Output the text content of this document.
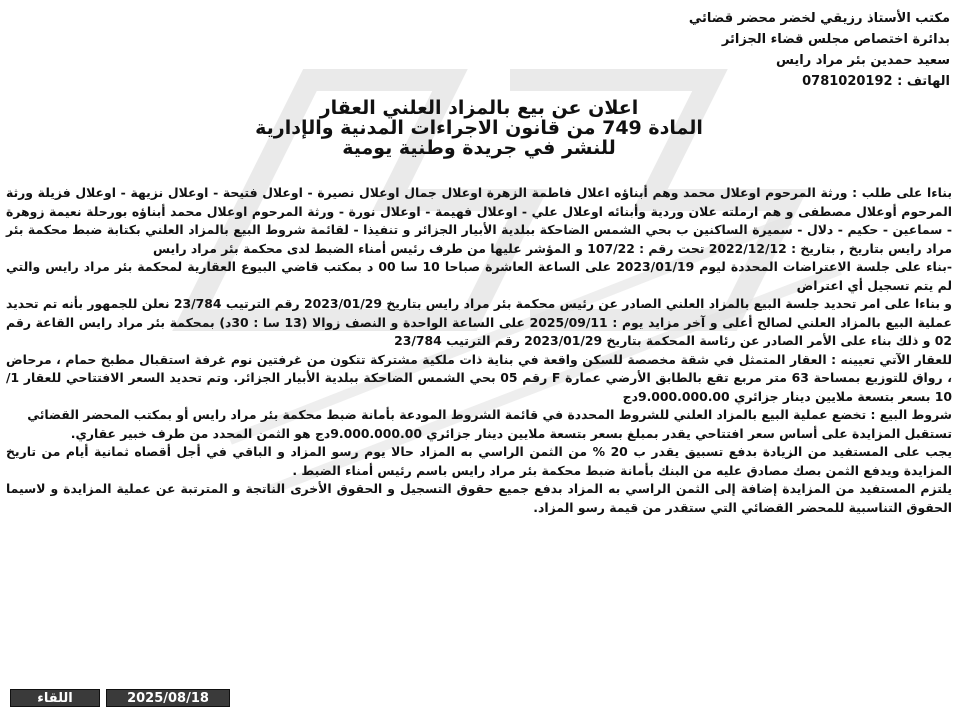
مكتب الأستاذ رزيقي لخضر محضر قضائي
بدائرة اختصاص مجلس قضاء الجزائر
سعيد حمدين بئر مراد رايس
الهاتف : 0781020192
اعلان عن بيع بالمزاد العلني العقار
المادة 749 من قانون الاجراءات المدنية والإدارية
للنشر في جريدة وطنية يومية

بناءا على طلب : ورثة المرحوم اوعلال محمد وهم أبناؤه اعلال فاطمة الزهرة اوعلال جمال اوعلال نصيرة - اوعلال فتيحة - اوعلال نزيهة - اوعلال فزيلة ورثة المرحوم أوعلال مصطفى و هم ارملته علان وردية وأبنائه اوعلال علي - اوعلال فهيمة - اوعلال نورة - ورثة المرحوم اوعلال محمد أبناؤه بورحلة نعيمة زوهرة - سماعين - حكيم - دلال - سميرة الساكنين ب بحي الشمس الضاحكة ببلدية الأبيار الجزائر و تنفيذا - لقائمة شروط البيع بالمزاد العلني بكتابة ضبط محكمة بئر مراد رايس بتاريخ , بتاريخ : 2022/12/12 تحت رقم : 107/22 و المؤشر عليها من طرف رئيس أمناء الضبط لدى محكمة بئر مراد رايس

-بناء على جلسة الاعتراضات المحددة ليوم 2023/01/19 على الساعة العاشرة صباحا 10 سا 00 د بمكتب قاضي البيوع العقارية لمحكمة بئر مراد رايس والتي لم يتم تسجيل أي اعتراض

و بناءا على امر تحديد جلسة البيع بالمزاد العلني الصادر عن رئيس محكمة بئر مراد رايس بتاريخ 2023/01/29 رقم الترتيب 23/784 نعلن للجمهور بأنه تم تحديد عملية البيع بالمزاد العلني لصالح أعلى و آخر مزايد يوم : 2025/09/11 على الساعة الواحدة و النصف زوالا (13 سا : 30د) بمحكمة بئر مراد رايس القاعة رقم 02 و ذلك بناء على الأمر الصادر عن رئاسة المحكمة بتاريخ 2023/01/29 رقم الترتيب 23/784

للعقار الآتي تعيينه : العقار المتمثل في شقة مخصصة للسكن واقعة في بناية ذات ملكية مشتركة تتكون من غرفتين نوم غرفة استقبال مطبخ حمام ، مرحاض ، رواق للتوزيع بمساحة 63 متر مربع تقع بالطابق الأرضي عمارة F رقم 05 بحي الشمس الضاحكة ببلدية الأبيار الجزائر. وتم تحديد السعر الافتتاحي للعقار 1/ 10 بسعر بتسعة ملايين دينار جزائري 9.000.000.00دج

شروط البيع : تخضع عملية البيع بالمزاد العلني للشروط المحددة في قائمة الشروط المودعة بأمانة ضبط محكمة بئر مراد رايس أو بمكتب المحضر القضائي

تستقبل المزايدة على أساس سعر افتتاحي يقدر بمبلغ بسعر بتسعة ملايين دينار جزائري 9.000.000.00دج هو الثمن المحدد من طرف خبير عقاري.

يجب على المستفيد من الزيادة بدفع تسبيق يقدر ب 20 % من الثمن الراسي به المزاد حالا يوم رسو المزاد و الباقي في أجل أقصاه ثمانية أيام من تاريخ المزايدة ويدفع الثمن بصك مصادق عليه من البنك بأمانة ضبط محكمة بئر مراد رايس باسم رئيس أمناء الضبط .

يلتزم المستفيد من المزايدة إضافة إلى الثمن الراسي به المزاد بدفع جميع حقوق التسجيل و الحقوق الأخرى الناتجة و المترتبة عن عملية المزايدة و لاسيما الحقوق التناسبية للمحضر القضائي التي ستقدر من قيمة رسو المزاد.

اللقاء	2025/08/18
